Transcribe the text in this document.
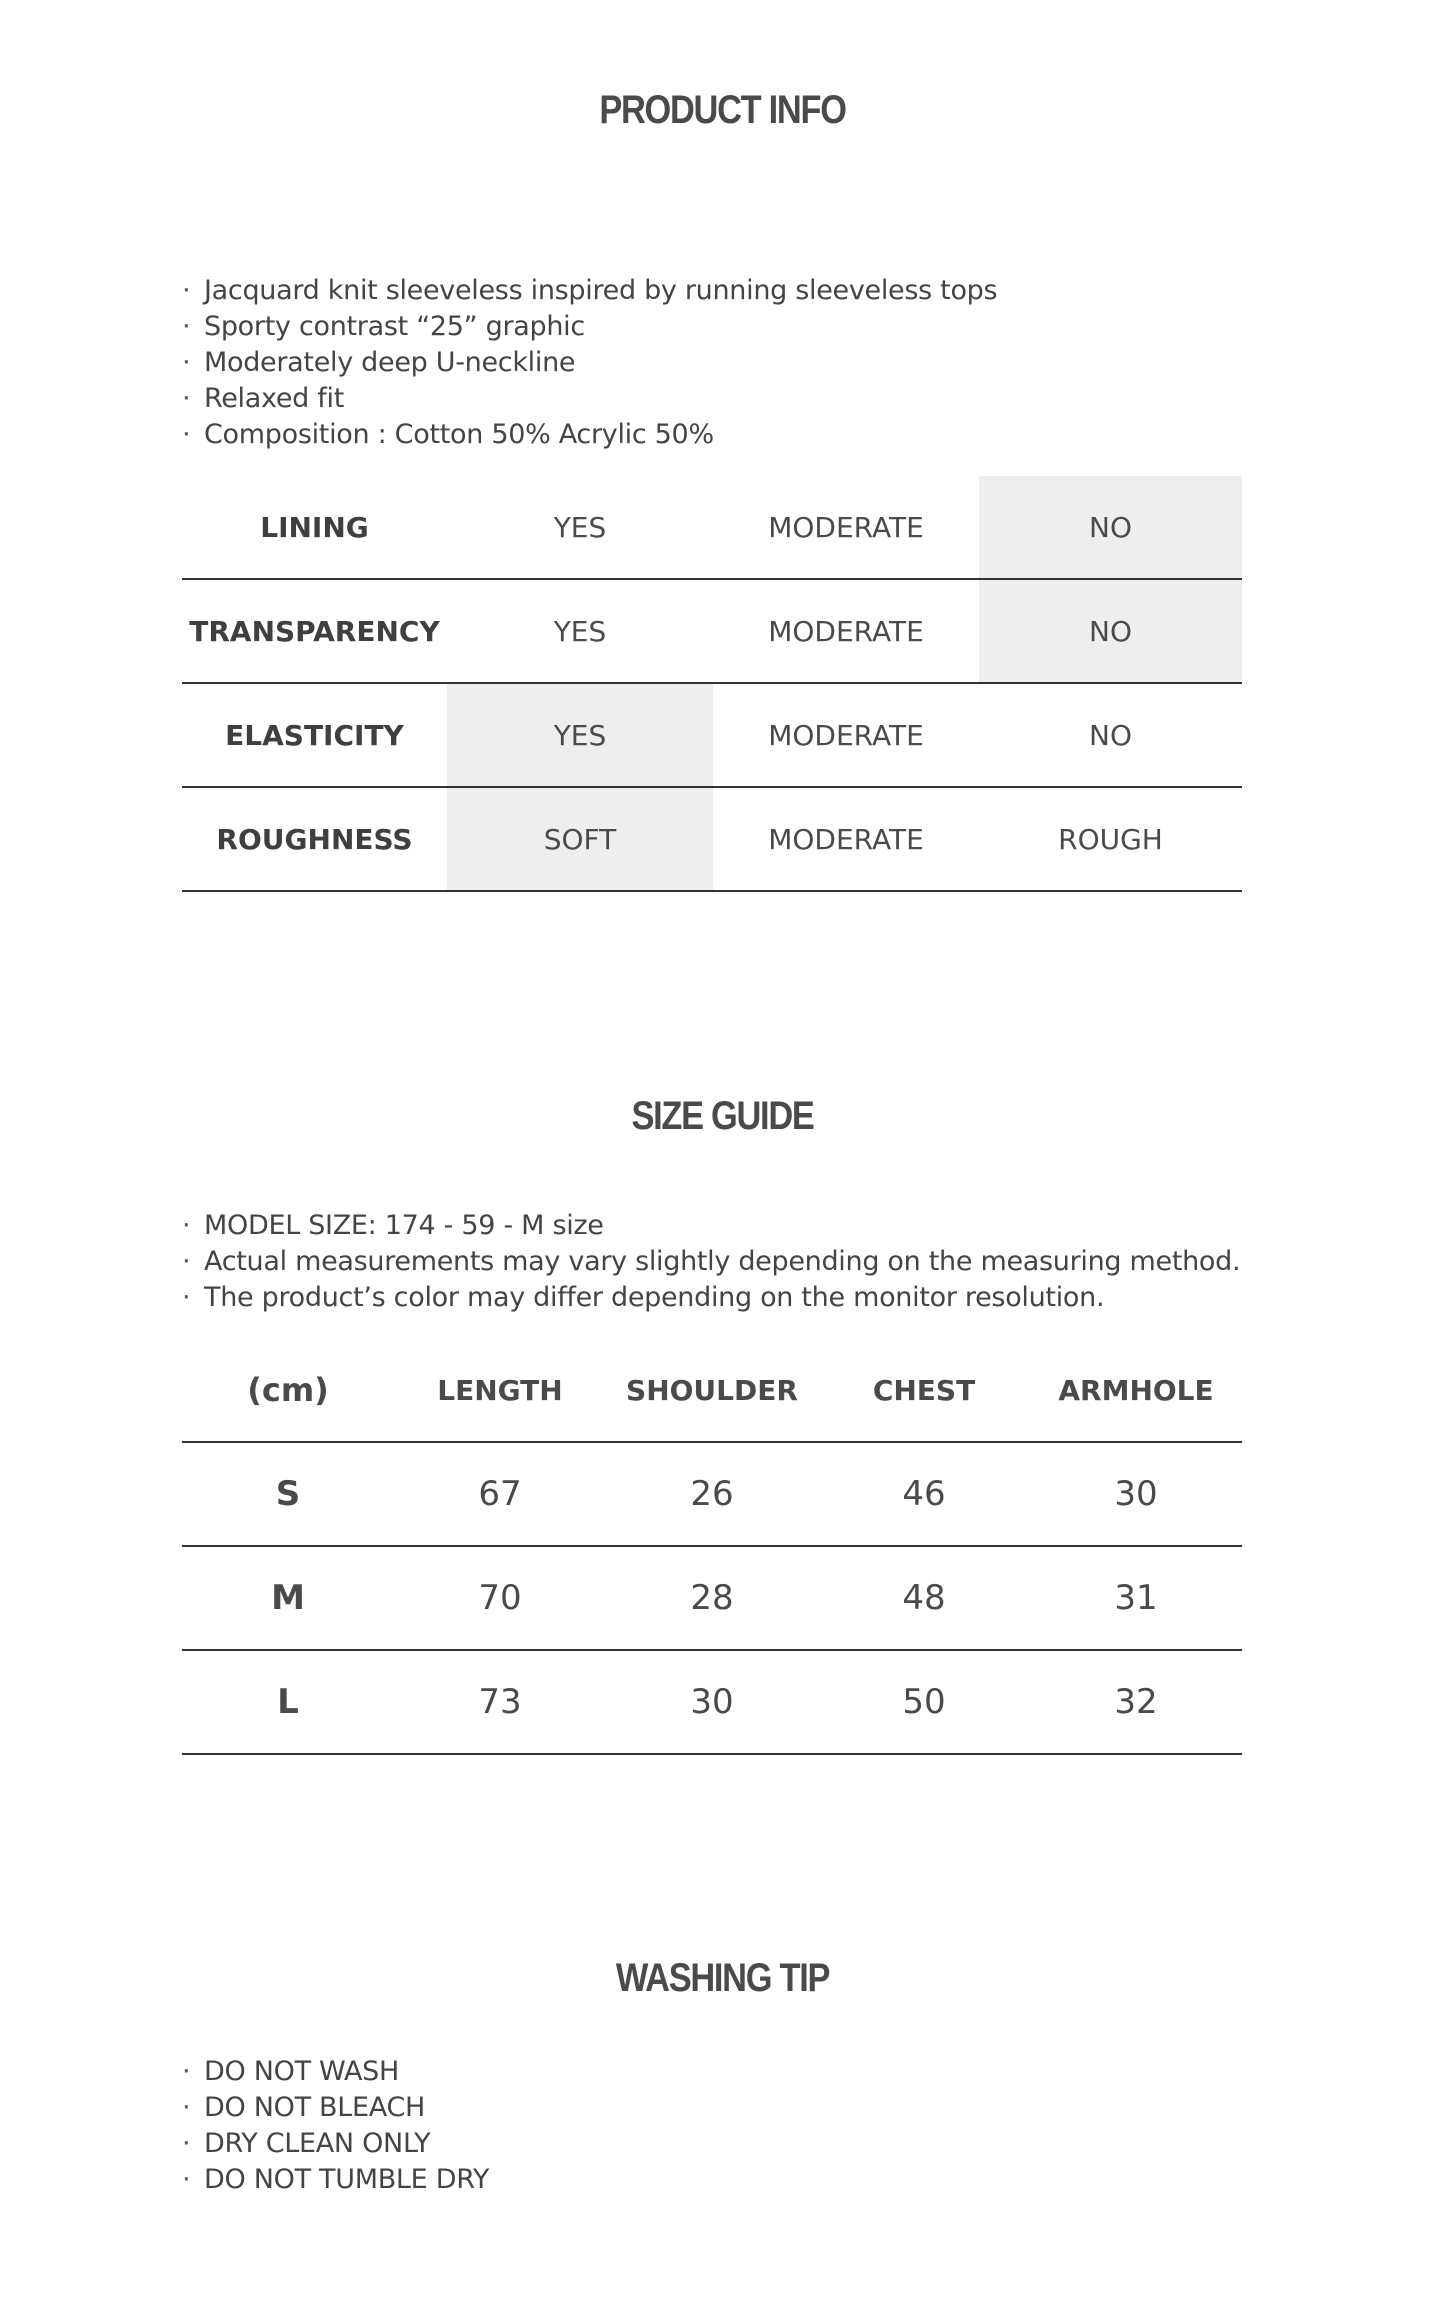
PRODUCT INFO
· Jacquard knit sleeveless inspired by running sleeveless tops
· Sporty contrast “25” graphic
· Moderately deep U-neckline
· Relaxed fit
· Composition : Cotton 50% Acrylic 50%
LINING	YES	MODERATE	NO
TRANSPARENCY	YES	MODERATE	NO
ELASTICITY	YES	MODERATE	NO
ROUGHNESS	SOFT	MODERATE	ROUGH
SIZE GUIDE
· MODEL SIZE: 174 - 59 - M size
· Actual measurements may vary slightly depending on the measuring method.
· The product’s color may differ depending on the monitor resolution.
(cm)	LENGTH	SHOULDER	CHEST	ARMHOLE
S	67	26	46	30
M	70	28	48	31
L	73	30	50	32
WASHING TIP
· DO NOT WASH
· DO NOT BLEACH
· DRY CLEAN ONLY
· DO NOT TUMBLE DRY
